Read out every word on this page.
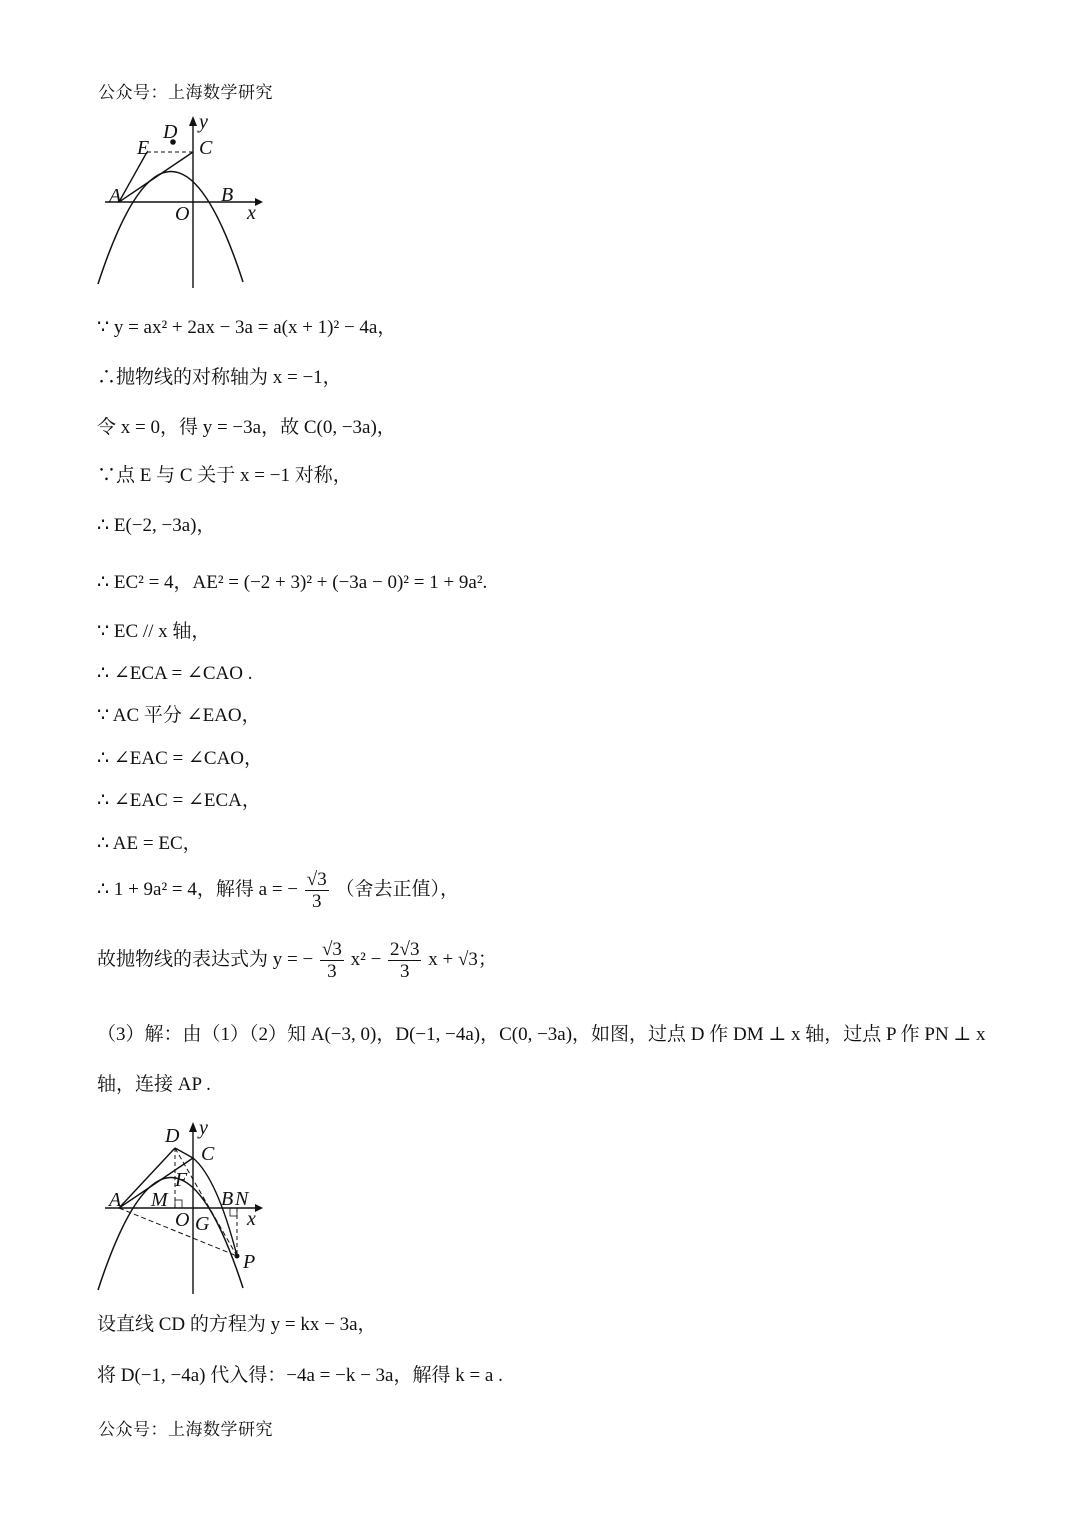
公众号：上海数学研究
D y
E C
A	B
O	x
∵ y = ax² + 2ax − 3a = a(x + 1)² − 4a，
∴抛物线的对称轴为 x = −1，
令 x = 0，得 y = −3a，故 C(0, −3a)，
∵点 E 与 C 关于 x = −1 对称，
∴ E(−2, −3a)，
∴ EC² = 4，AE² = (−2 + 3)² + (−3a − 0)² = 1 + 9a².
∵ EC // x 轴，
∴ ∠ECA = ∠CAO .
∵ AC 平分 ∠EAO，
∴ ∠EAC = ∠CAO，
∴ ∠EAC = ∠ECA，
∴ AE = EC，
∴ 1 + 9a² = 4，解得 a = − $\frac{√3}{3}$ （舍去正值），
故抛物线的表达式为 y = − $\frac{√3}{3} x^2 - \frac{2√3}{3}$ x + √3；
（3）解：由（1）（2）知 A(−3, 0)，D(−1, −4a)，C(0, −3a)，如图，过点 D 作 DM ⊥ x 轴，过点 P 作 PN ⊥ x
轴，连接 AP .
D y
C
F
A M	B N
O G x
P
设直线 CD 的方程为 y = kx − 3a，
将 D(−1, −4a) 代入得：−4a = −k − 3a，解得 k = a .
公众号：上海数学研究
